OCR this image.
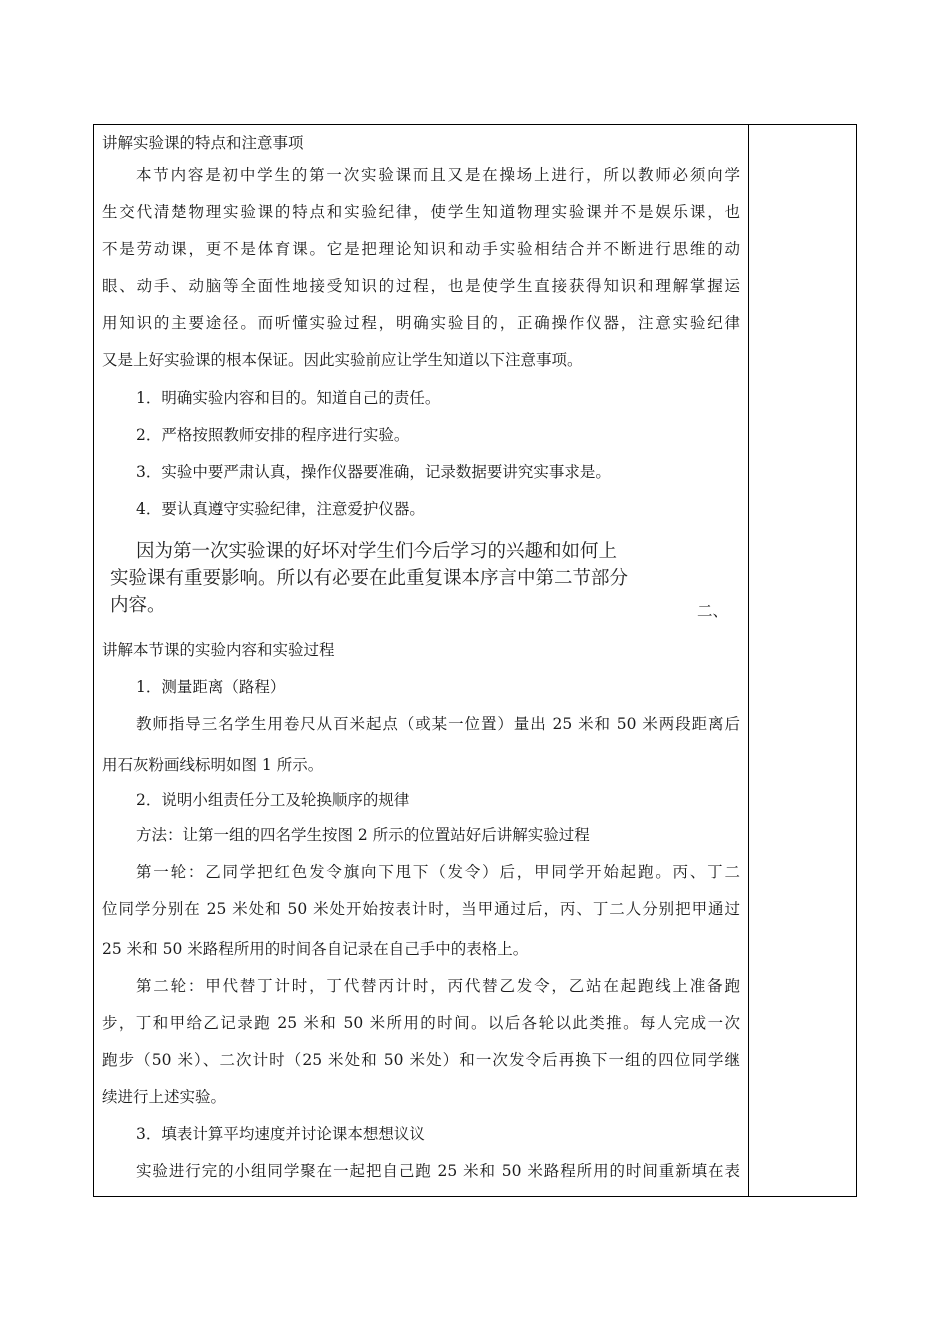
讲解实验课的特点和注意事项
本节内容是初中学生的第一次实验课而且又是在操场上进行，所以教师必须向学
生交代清楚物理实验课的特点和实验纪律，使学生知道物理实验课并不是娱乐课，也
不是劳动课，更不是体育课。它是把理论知识和动手实验相结合并不断进行思维的动
眼、动手、动脑等全面性地接受知识的过程，也是使学生直接获得知识和理解掌握运
用知识的主要途径。而听懂实验过程，明确实验目的，正确操作仪器，注意实验纪律
又是上好实验课的根本保证。因此实验前应让学生知道以下注意事项。
1．明确实验内容和目的。知道自己的责任。
2．严格按照教师安排的程序进行实验。
3．实验中要严肃认真，操作仪器要准确，记录数据要讲究实事求是。
4．要认真遵守实验纪律，注意爱护仪器。
因为第一次实验课的好坏对学生们今后学习的兴趣和如何上
实验课有重要影响。所以有必要在此重复课本序言中第二节部分
内容。	二、
讲解本节课的实验内容和实验过程
1．测量距离（路程）
教师指导三名学生用卷尺从百米起点（或某一位置）量出 25 米和 50 米两段距离后
用石灰粉画线标明如图 1 所示。
2．说明小组责任分工及轮换顺序的规律
方法：让第一组的四名学生按图 2 所示的位置站好后讲解实验过程
第一轮：乙同学把红色发令旗向下甩下（发令）后，甲同学开始起跑。丙、丁二
位同学分别在 25 米处和 50 米处开始按表计时，当甲通过后，丙、丁二人分别把甲通过
25 米和 50 米路程所用的时间各自记录在自己手中的表格上。
第二轮：甲代替丁计时，丁代替丙计时，丙代替乙发令，乙站在起跑线上准备跑
步，丁和甲给乙记录跑 25 米和 50 米所用的时间。以后各轮以此类推。每人完成一次
跑步（50 米）、二次计时（25 米处和 50 米处）和一次发令后再换下一组的四位同学继
续进行上述实验。
3．填表计算平均速度并讨论课本想想议议
实验进行完的小组同学聚在一起把自己跑 25 米和 50 米路程所用的时间重新填在表
